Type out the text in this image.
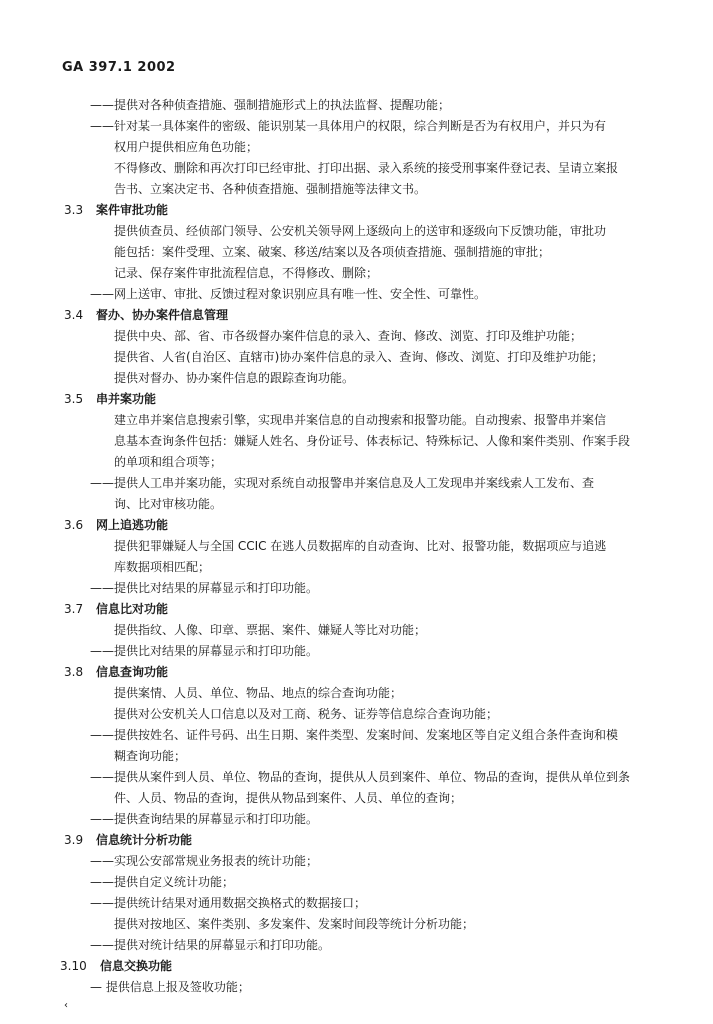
GA 397.1 2002
——提供对各种侦查措施、强制措施形式上的执法监督、提醒功能；
——针对某一具体案件的密级、能识别某一具体用户的权限，综合判断是否为有权用户，并只为有
权用户提供相应角色功能；
不得修改、删除和再次打印已经审批、打印出据、录入系统的接受刑事案件登记表、呈请立案报
告书、立案决定书、各种侦查措施、强制措施等法律文书。
3.3 案件审批功能
提供侦查员、经侦部门领导、公安机关领导网上逐级向上的送审和逐级向下反馈功能，审批功
能包括：案件受理、立案、破案、移送/结案以及各项侦查措施、强制措施的审批；
记录、保存案件审批流程信息，不得修改、删除；
——网上送审、审批、反馈过程对象识别应具有唯一性、安全性、可靠性。
3.4 督办、协办案件信息管理
提供中央、部、省、市各级督办案件信息的录入、查询、修改、浏览、打印及维护功能；
提供省、人省(自治区、直辖市)协办案件信息的录入、查询、修改、浏览、打印及维护功能；
提供对督办、协办案件信息的跟踪查询功能。
3.5 串并案功能
建立串并案信息搜索引擎，实现串并案信息的自动搜索和报警功能。自动搜索、报警串并案信
息基本查询条件包括：嫌疑人姓名、身份证号、体表标记、特殊标记、人像和案件类别、作案手段
的单项和组合项等；
——提供人工串并案功能，实现对系统自动报警串并案信息及人工发现串并案线索人工发布、查
询、比对审核功能。
3.6 网上追逃功能
提供犯罪嫌疑人与全国 CCIC 在逃人员数据库的自动查询、比对、报警功能，数据项应与追逃
库数据项相匹配；
——提供比对结果的屏幕显示和打印功能。
3.7 信息比对功能
提供指纹、人像、印章、票据、案件、嫌疑人等比对功能；
——提供比对结果的屏幕显示和打印功能。
3.8 信息查询功能
提供案情、人员、单位、物品、地点的综合查询功能；
提供对公安机关人口信息以及对工商、税务、证券等信息综合查询功能；
——提供按姓名、证件号码、出生日期、案件类型、发案时间、发案地区等自定义组合条件查询和模
糊查询功能；
——提供从案件到人员、单位、物品的查询，提供从人员到案件、单位、物品的查询，提供从单位到条
件、人员、物品的查询，提供从物品到案件、人员、单位的查询；
——提供查询结果的屏幕显示和打印功能。
3.9 信息统计分析功能
——实现公安部常规业务报表的统计功能；
——提供自定义统计功能；
——提供统计结果对通用数据交换格式的数据接口；
提供对按地区、案件类别、多发案件、发案时间段等统计分析功能；
——提供对统计结果的屏幕显示和打印功能。
3.10 信息交换功能
— 提供信息上报及签收功能；
‹
